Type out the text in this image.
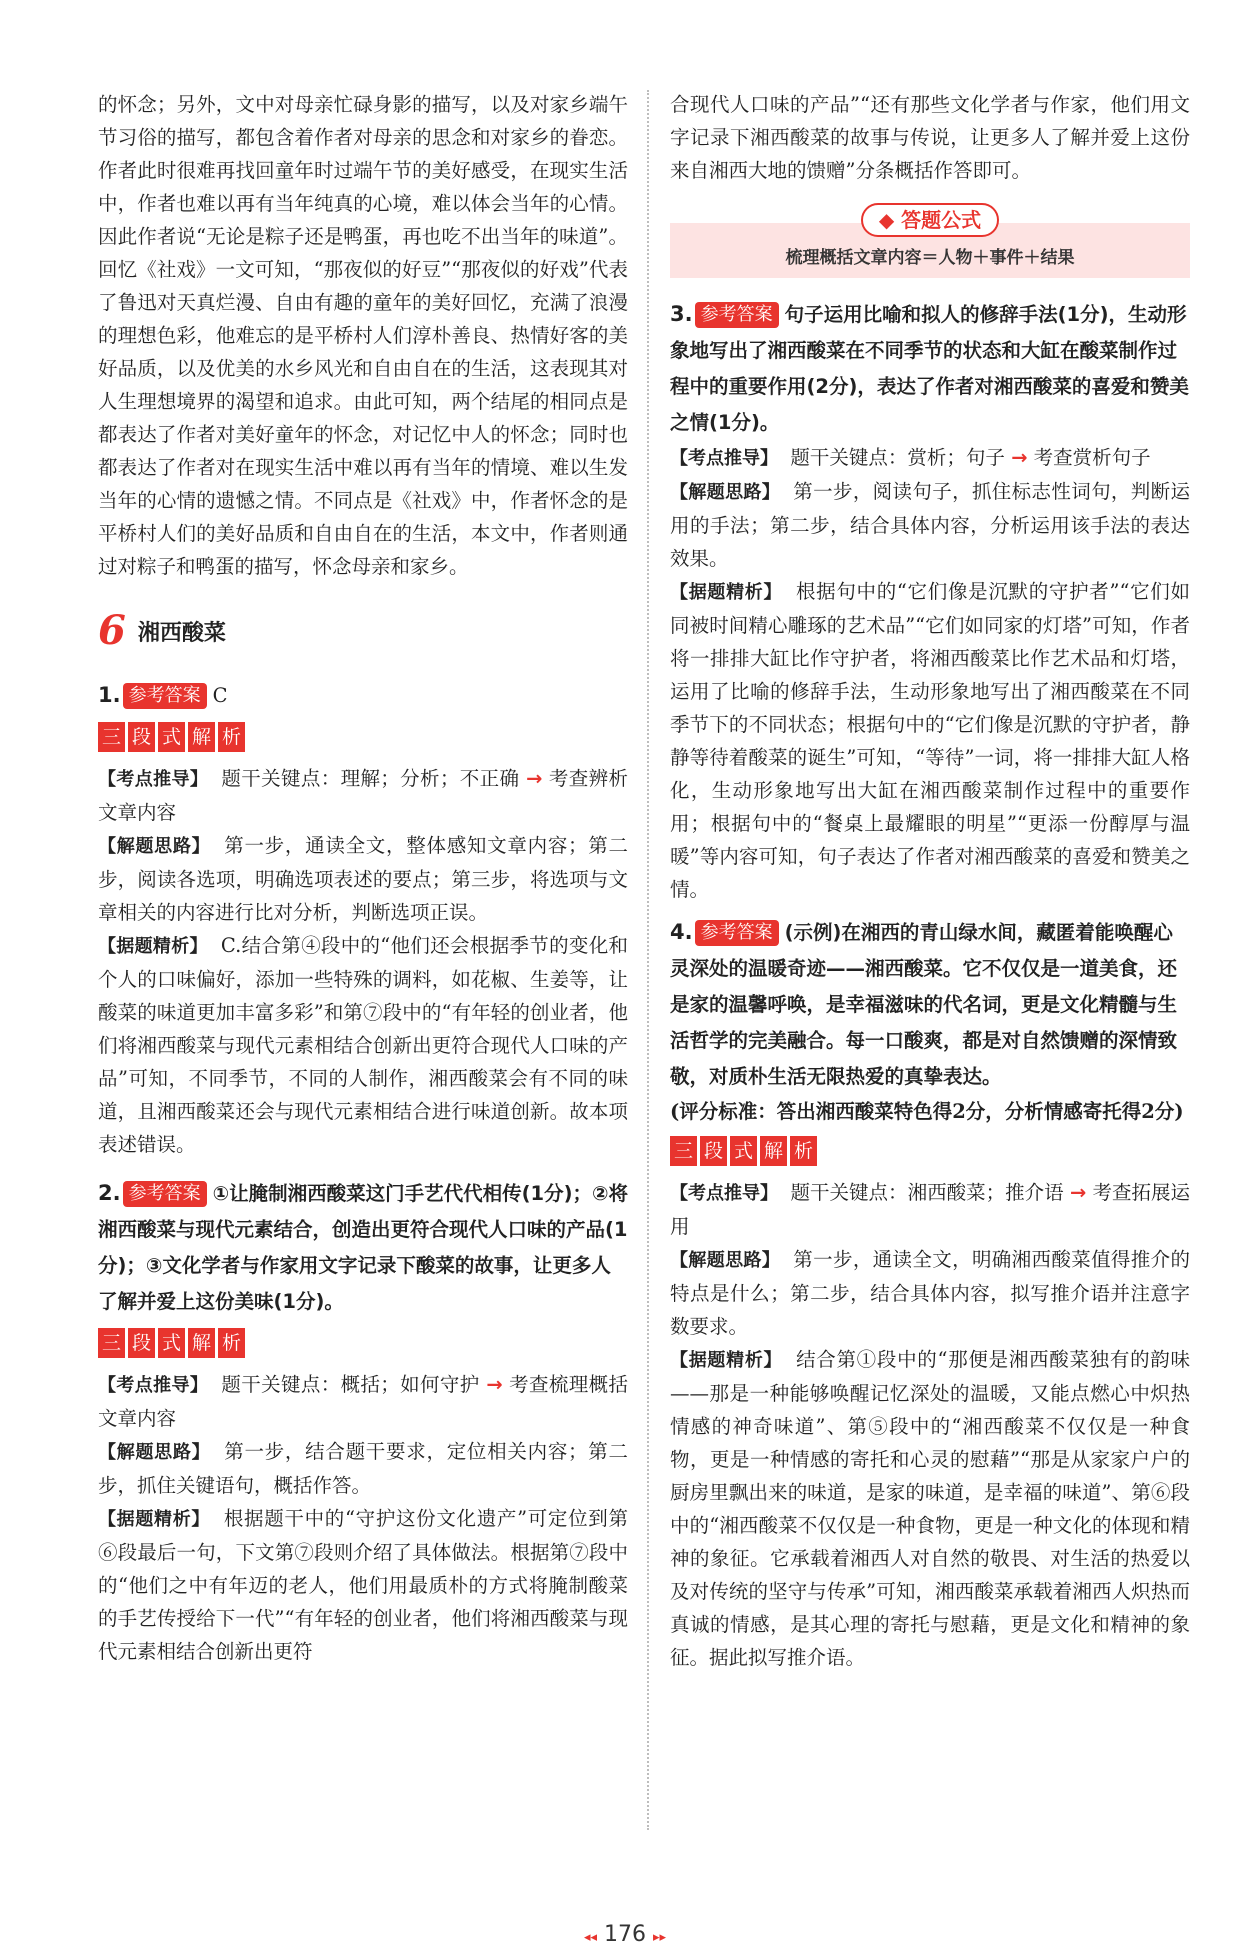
的怀念；另外，文中对母亲忙碌身影的描写，以及对家乡端午节习俗的描写，都包含着作者对母亲的思念和对家乡的眷恋。作者此时很难再找回童年时过端午节的美好感受，在现实生活中，作者也难以再有当年纯真的心境，难以体会当年的心情。因此作者说“无论是粽子还是鸭蛋，再也吃不出当年的味道”。回忆《社戏》一文可知，“那夜似的好豆”“那夜似的好戏”代表了鲁迅对天真烂漫、自由有趣的童年的美好回忆，充满了浪漫的理想色彩，他难忘的是平桥村人们淳朴善良、热情好客的美好品质，以及优美的水乡风光和自由自在的生活，这表现其对人生理想境界的渴望和追求。由此可知，两个结尾的相同点是都表达了作者对美好童年的怀念，对记忆中人的怀念；同时也都表达了作者对在现实生活中难以再有当年的情境、难以生发当年的心情的遗憾之情。不同点是《社戏》中，作者怀念的是平桥村人们的美好品质和自由自在的生活，本文中，作者则通过对粽子和鸭蛋的描写，怀念母亲和家乡。

6 湘西酸菜
1. 参考答案 C
三 段 式 解 析

【考点推导】 题干关键点：理解；分析；不正确 → 考查辨析文章内容

【解题思路】 第一步，通读全文，整体感知文章内容；第二步，阅读各选项，明确选项表述的要点；第三步，将选项与文章相关的内容进行比对分析，判断选项正误。

【据题精析】 C.结合第④段中的“他们还会根据季节的变化和个人的口味偏好，添加一些特殊的调料，如花椒、生姜等，让酸菜的味道更加丰富多彩”和第⑦段中的“有年轻的创业者，他们将湘西酸菜与现代元素相结合创新出更符合现代人口味的产品”可知，不同季节，不同的人制作，湘西酸菜会有不同的味道，且湘西酸菜还会与现代元素相结合进行味道创新。故本项表述错误。

2. 参考答案 ①让腌制湘西酸菜这门手艺代代相传(1分)；②将湘西酸菜与现代元素结合，创造出更符合现代人口味的产品(1分)；③文化学者与作家用文字记录下酸菜的故事，让更多人了解并爱上这份美味(1分)。
三 段 式 解 析

【考点推导】 题干关键点：概括；如何守护 → 考查梳理概括文章内容

【解题思路】 第一步，结合题干要求，定位相关内容；第二步，抓住关键语句，概括作答。

【据题精析】 根据题干中的“守护这份文化遗产”可定位到第⑥段最后一句，下文第⑦段则介绍了具体做法。根据第⑦段中的“他们之中有年迈的老人，他们用最质朴的方式将腌制酸菜的手艺传授给下一代”“有年轻的创业者，他们将湘西酸菜与现代元素相结合创新出更符

合现代人口味的产品”“还有那些文化学者与作家，他们用文字记录下湘西酸菜的故事与传说，让更多人了解并爱上这份来自湘西大地的馈赠”分条概括作答即可。

◆ 答题公式
梳理概括文章内容＝人物＋事件＋结果
3. 参考答案 句子运用比喻和拟人的修辞手法(1分)，生动形象地写出了湘西酸菜在不同季节的状态和大缸在酸菜制作过程中的重要作用(2分)，表达了作者对湘西酸菜的喜爱和赞美之情(1分)。

【考点推导】 题干关键点：赏析；句子 → 考查赏析句子

【解题思路】 第一步，阅读句子，抓住标志性词句，判断运用的手法；第二步，结合具体内容，分析运用该手法的表达效果。

【据题精析】 根据句中的“它们像是沉默的守护者”“它们如同被时间精心雕琢的艺术品”“它们如同家的灯塔”可知，作者将一排排大缸比作守护者，将湘西酸菜比作艺术品和灯塔，运用了比喻的修辞手法，生动形象地写出了湘西酸菜在不同季节下的不同状态；根据句中的“它们像是沉默的守护者，静静等待着酸菜的诞生”可知，“等待”一词，将一排排大缸人格化，生动形象地写出大缸在湘西酸菜制作过程中的重要作用；根据句中的“餐桌上最耀眼的明星”“更添一份醇厚与温暖”等内容可知，句子表达了作者对湘西酸菜的喜爱和赞美之情。

4. 参考答案 (示例)在湘西的青山绿水间，藏匿着能唤醒心灵深处的温暖奇迹——湘西酸菜。它不仅仅是一道美食，还是家的温馨呼唤，是幸福滋味的代名词，更是文化精髓与生活哲学的完美融合。每一口酸爽，都是对自然馈赠的深情致敬，对质朴生活无限热爱的真挚表达。

(评分标准：答出湘西酸菜特色得2分，分析情感寄托得2分)

三 段 式 解 析

【考点推导】 题干关键点：湘西酸菜；推介语 → 考查拓展运用

【解题思路】 第一步，通读全文，明确湘西酸菜值得推介的特点是什么；第二步，结合具体内容，拟写推介语并注意字数要求。

【据题精析】 结合第①段中的“那便是湘西酸菜独有的韵味——那是一种能够唤醒记忆深处的温暖，又能点燃心中炽热情感的神奇味道”、第⑤段中的“湘西酸菜不仅仅是一种食物，更是一种情感的寄托和心灵的慰藉”“那是从家家户户的厨房里飘出来的味道，是家的味道，是幸福的味道”、第⑥段中的“湘西酸菜不仅仅是一种食物，更是一种文化的体现和精神的象征。它承载着湘西人对自然的敬畏、对生活的热爱以及对传统的坚守与传承”可知，湘西酸菜承载着湘西人炽热而真诚的情感，是其心理的寄托与慰藉，更是文化和精神的象征。据此拟写推介语。

◂◂ 176 ▸▸
